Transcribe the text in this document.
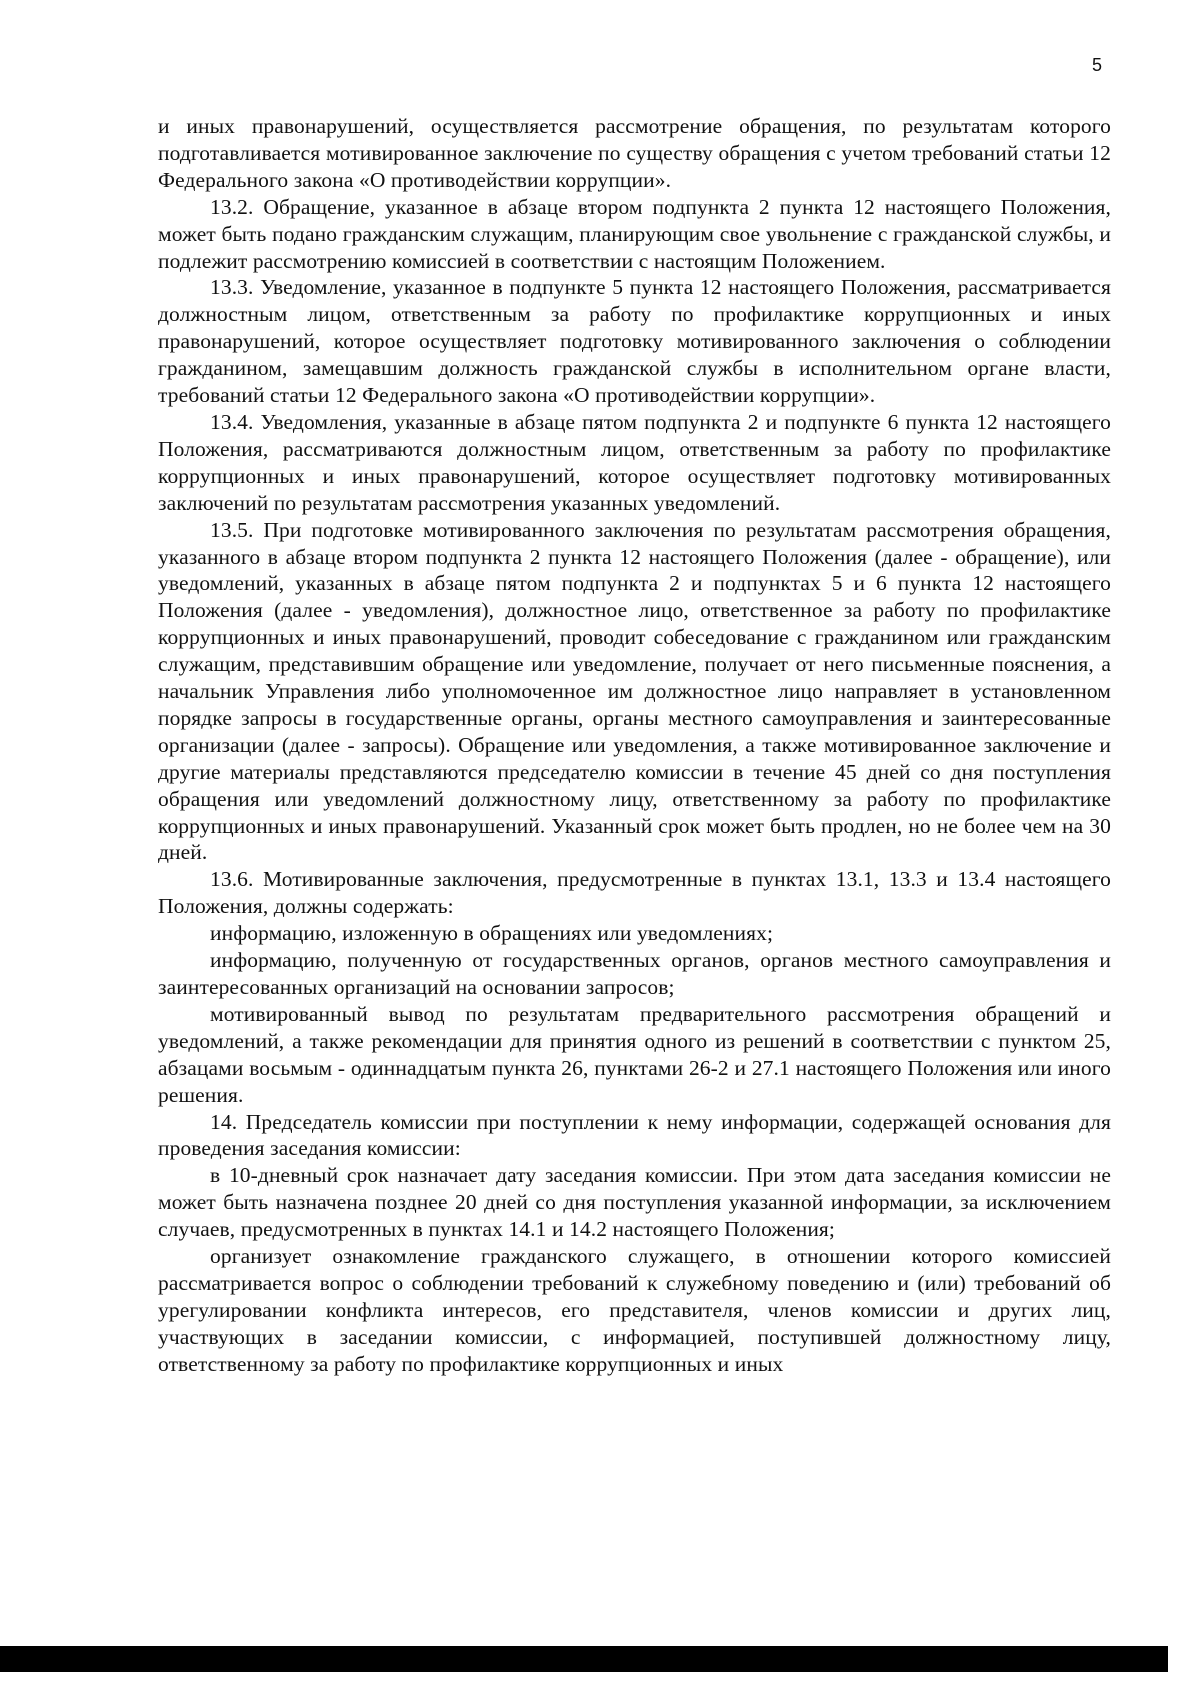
5

и иных правонарушений, осуществляется рассмотрение обращения, по результатам которого подготавливается мотивированное заключение по существу обращения с учетом требований статьи 12 Федерального закона «О противодействии коррупции».

13.2. Обращение, указанное в абзаце втором подпункта 2 пункта 12 настоящего Положения, может быть подано гражданским служащим, планирующим свое увольнение с гражданской службы, и подлежит рассмотрению комиссией в соответствии с настоящим Положением.

13.3. Уведомление, указанное в подпункте 5 пункта 12 настоящего Положения, рассматривается должностным лицом, ответственным за работу по профилактике коррупционных и иных правонарушений, которое осуществляет подготовку мотивированного заключения о соблюдении гражданином, замещавшим должность гражданской службы в исполнительном органе власти, требований статьи 12 Федерального закона «О противодействии коррупции».

13.4. Уведомления, указанные в абзаце пятом подпункта 2 и подпункте 6 пункта 12 настоящего Положения, рассматриваются должностным лицом, ответственным за работу по профилактике коррупционных и иных правонарушений, которое осуществляет подготовку мотивированных заключений по результатам рассмотрения указанных уведомлений.

13.5. При подготовке мотивированного заключения по результатам рассмотрения обращения, указанного в абзаце втором подпункта 2 пункта 12 настоящего Положения (далее - обращение), или уведомлений, указанных в абзаце пятом подпункта 2 и подпунктах 5 и 6 пункта 12 настоящего Положения (далее - уведомления), должностное лицо, ответственное за работу по профилактике коррупционных и иных правонарушений, проводит собеседование с гражданином или гражданским служащим, представившим обращение или уведомление, получает от него письменные пояснения, а начальник Управления либо уполномоченное им должностное лицо направляет в установленном порядке запросы в государственные органы, органы местного самоуправления и заинтересованные организации (далее - запросы). Обращение или уведомления, а также мотивированное заключение и другие материалы представляются председателю комиссии в течение 45 дней со дня поступления обращения или уведомлений должностному лицу, ответственному за работу по профилактике коррупционных и иных правонарушений. Указанный срок может быть продлен, но не более чем на 30 дней.

13.6. Мотивированные заключения, предусмотренные в пунктах 13.1, 13.3 и 13.4 настоящего Положения, должны содержать:

информацию, изложенную в обращениях или уведомлениях;

информацию, полученную от государственных органов, органов местного самоуправления и заинтересованных организаций на основании запросов;

мотивированный вывод по результатам предварительного рассмотрения обращений и уведомлений, а также рекомендации для принятия одного из решений в соответствии с пунктом 25, абзацами восьмым - одиннадцатым пункта 26, пунктами 26-2 и 27.1 настоящего Положения или иного решения.

14. Председатель комиссии при поступлении к нему информации, содержащей основания для проведения заседания комиссии:

в 10-дневный срок назначает дату заседания комиссии. При этом дата заседания комиссии не может быть назначена позднее 20 дней со дня поступления указанной информации, за исключением случаев, предусмотренных в пунктах 14.1 и 14.2 настоящего Положения;

организует ознакомление гражданского служащего, в отношении которого комиссией рассматривается вопрос о соблюдении требований к служебному поведению и (или) требований об урегулировании конфликта интересов, его представителя, членов комиссии и других лиц, участвующих в заседании комиссии, с информацией, поступившей должностному лицу, ответственному за работу по профилактике коррупционных и иных
